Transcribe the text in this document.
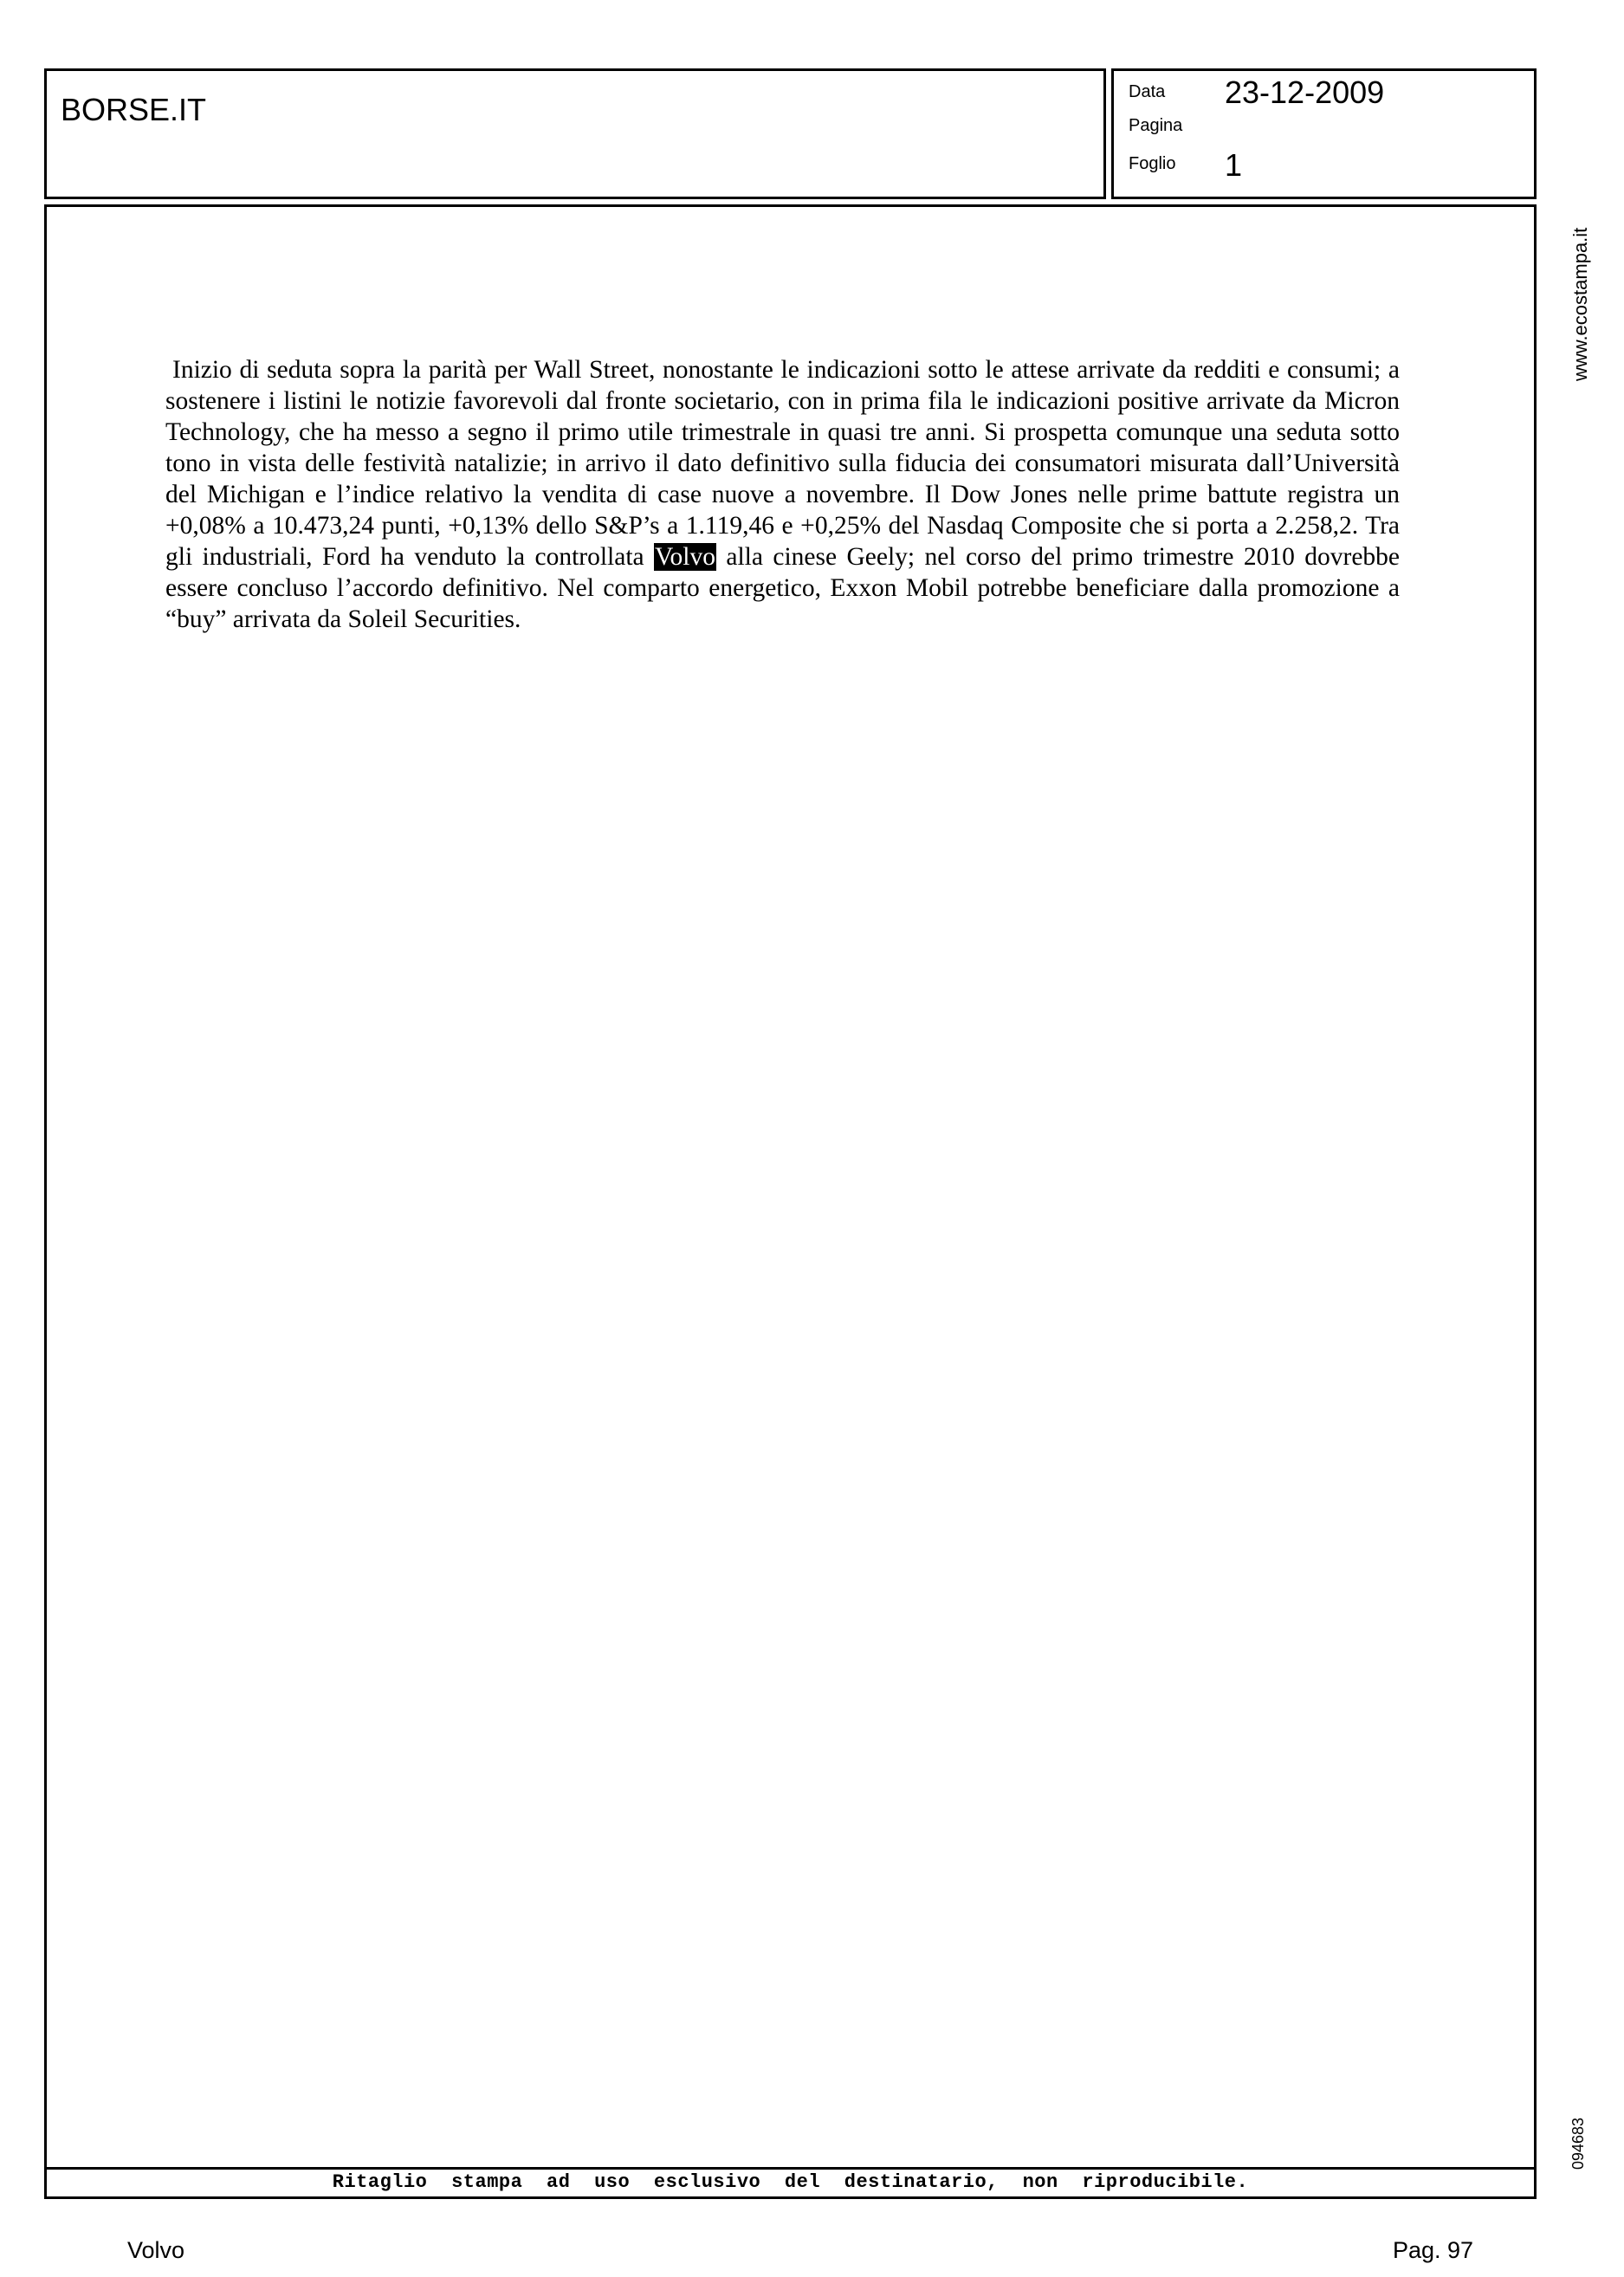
BORSE.IT	Data 23-12-2009
Pagina
Foglio 1

Inizio di seduta sopra la parità per Wall Street, nonostante le indicazioni sotto le attese arrivate da redditi e consumi; a sostenere i listini le notizie favorevoli dal fronte societario, con in prima fila le indicazioni positive arrivate da Micron Technology, che ha messo a segno il primo utile trimestrale in quasi tre anni. Si prospetta comunque una seduta sotto tono in vista delle festività natalizie; in arrivo il dato definitivo sulla fiducia dei consumatori misurata dall’Università del Michigan e l’indice relativo la vendita di case nuove a novembre. Il Dow Jones nelle prime battute registra un +0,08% a 10.473,24 punti, +0,13% dello S&P’s a 1.119,46 e +0,25% del Nasdaq Composite che si porta a 2.258,2. Tra gli industriali, Ford ha venduto la controllata Volvo alla cinese Geely; nel corso del primo trimestre 2010 dovrebbe essere concluso l’accordo definitivo. Nel comparto energetico, Exxon Mobil potrebbe beneficiare dalla promozione a “buy” arrivata da Soleil Securities.

Ritaglio stampa ad uso esclusivo del destinatario, non riproducibile.
www.ecostampa.it
094683
Volvo	Pag. 97
